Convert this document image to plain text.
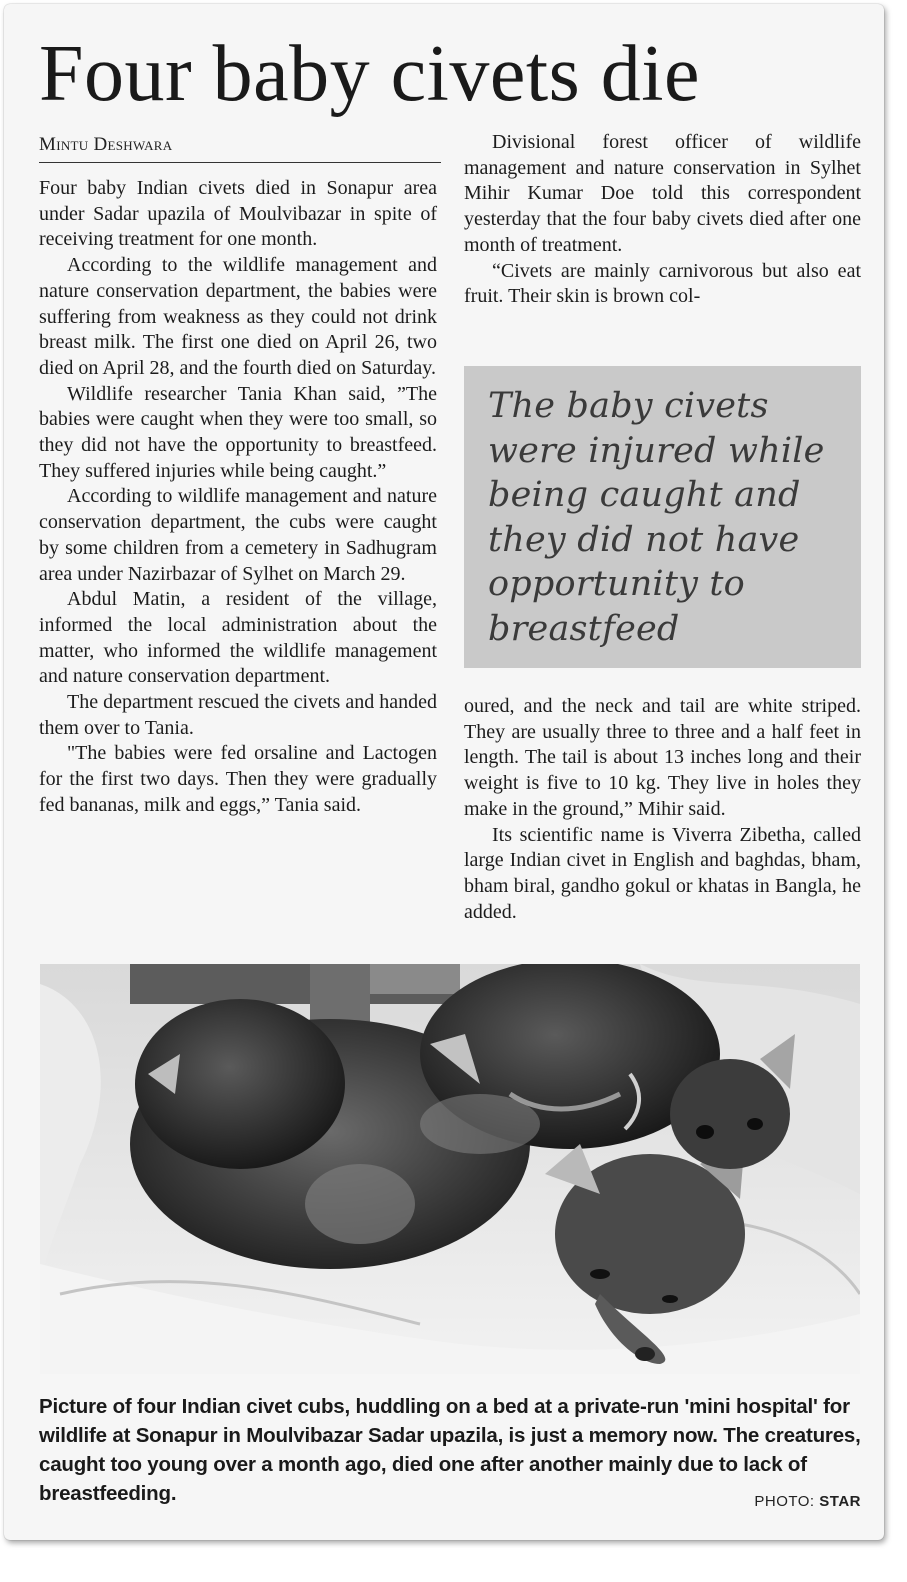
Four baby civets die
Mintu Deshwara

Four baby Indian civets died in Sonapur area under Sadar upazila of Moulvibazar in spite of receiving treatment for one month.

According to the wildlife management and nature conservation department, the babies were suffering from weakness as they could not drink breast milk. The first one died on April 26, two died on April 28, and the fourth died on Saturday.

Wildlife researcher Tania Khan said, ”The babies were caught when they were too small, so they did not have the opportunity to breastfeed. They suffered injuries while being caught.”

According to wildlife management and nature conservation department, the cubs were caught by some children from a cemetery in Sadhugram area under Nazirbazar of Sylhet on March 29.

Abdul Matin, a resident of the village, informed the local administration about the matter, who informed the wildlife management and nature conservation department.

The department rescued the civets and handed them over to Tania.

"The babies were fed orsaline and Lactogen for the first two days. Then they were gradually fed bananas, milk and eggs,” Tania said.

Divisional forest officer of wildlife management and nature conservation in Sylhet Mihir Kumar Doe told this correspondent yesterday that the four baby civets died after one month of treatment.

“Civets are mainly carnivorous but also eat fruit. Their skin is brown col-

The baby civets were injured while being caught and they did not have opportunity to breastfeed

oured, and the neck and tail are white striped. They are usually three to three and a half feet in length. The tail is about 13 inches long and their weight is five to 10 kg. They live in holes they make in the ground,” Mihir said.

Its scientific name is Viverra Zibetha, called large Indian civet in English and baghdas, bham, bham biral, gandho gokul or khatas in Bangla, he added.

Picture of four Indian civet cubs, huddling on a bed at a private-run 'mini hospital' for wildlife at Sonapur in Moulvibazar Sadar upazila, is just a memory now. The creatures, caught too young over a month ago, died one after another mainly due to lack of breastfeeding.	PHOTO: STAR
